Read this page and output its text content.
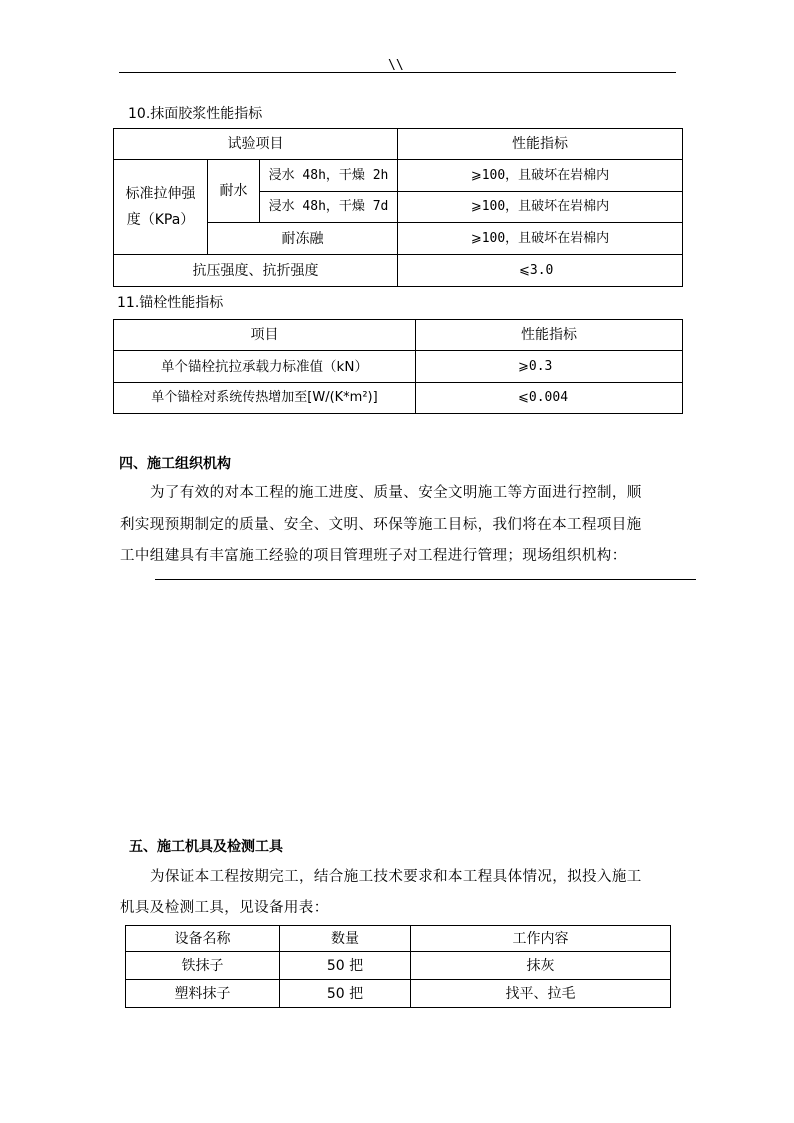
\\
10.抹面胶浆性能指标
试验项目			性能指标
标准拉伸强
度（KPa）	耐水	浸水 48h，干燥 2h	⩾100，且破坏在岩棉内
		浸水 48h，干燥 7d	⩾100，且破坏在岩棉内
	耐冻融		⩾100，且破坏在岩棉内
抗压强度、抗折强度			⩽3.0
11.锚栓性能指标
项目	性能指标
单个锚栓抗拉承载力标准值（kN）	⩾0.3
单个锚栓对系统传热增加至[W/(K*m²)]	⩽0.004
四、施工组织机构
为了有效的对本工程的施工进度、质量、安全文明施工等方面进行控制，顺
利实现预期制定的质量、安全、文明、环保等施工目标，我们将在本工程项目施
工中组建具有丰富施工经验的项目管理班子对工程进行管理；现场组织机构：
五、施工机具及检测工具
为保证本工程按期完工，结合施工技术要求和本工程具体情况，拟投入施工
机具及检测工具，见设备用表：
设备名称	数量	工作内容
铁抹子	50 把	抹灰
塑料抹子	50 把	找平、拉毛
